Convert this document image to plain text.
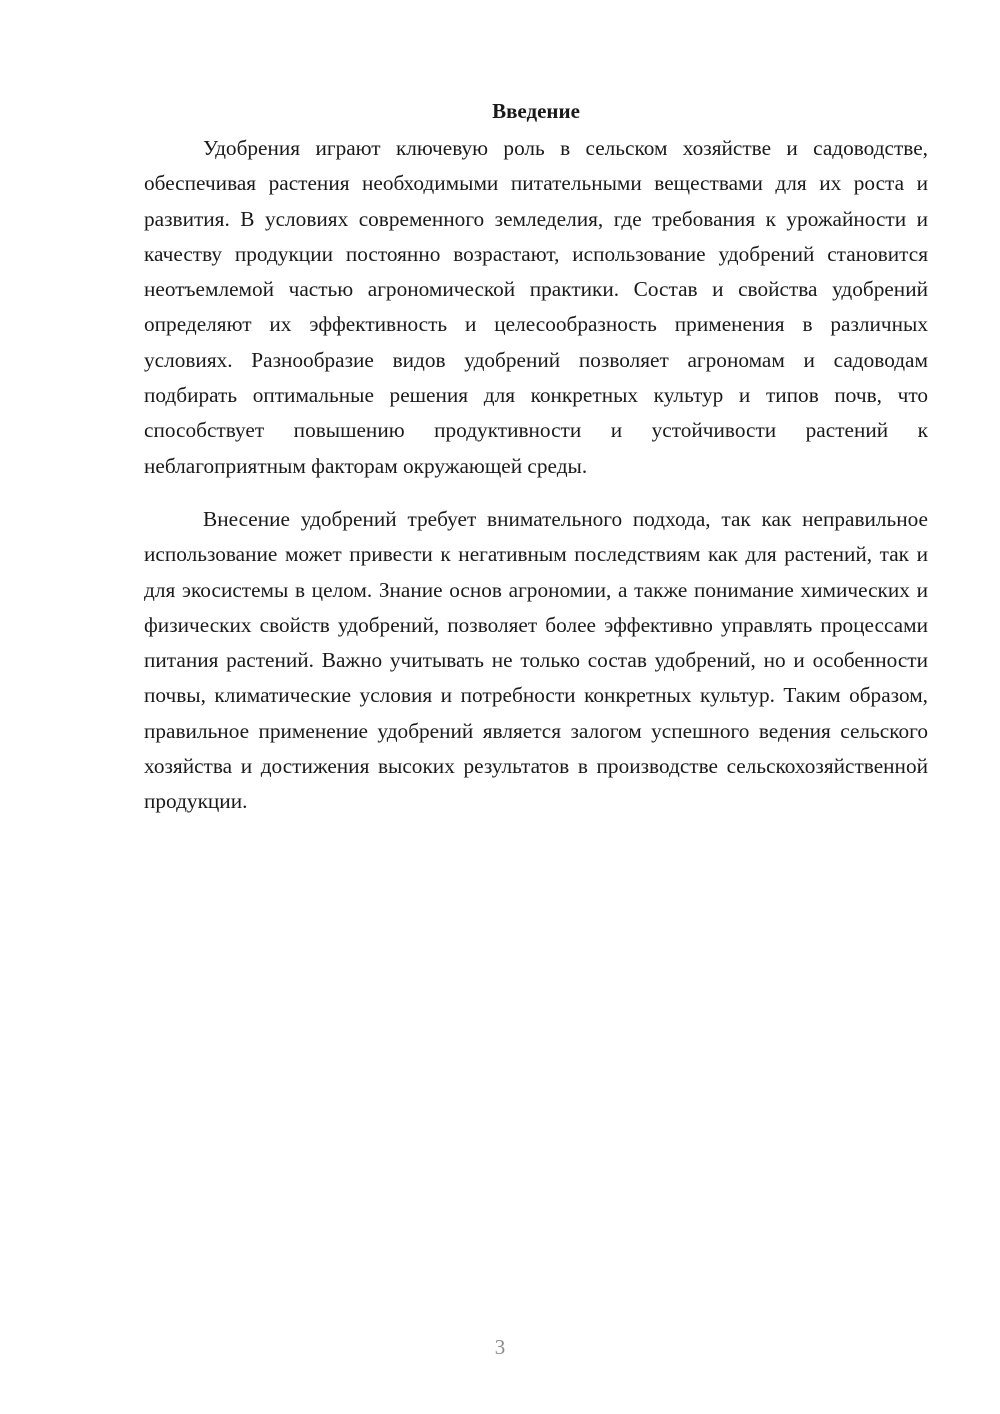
Введение

Удобрения играют ключевую роль в сельском хозяйстве и садоводстве, обеспечивая растения необходимыми питательными веществами для их роста и развития. В условиях современного земледелия, где требования к урожайности и качеству продукции постоянно возрастают, использование удобрений становится неотъемлемой частью агрономической практики. Состав и свойства удобрений определяют их эффективность и целесообразность применения в различных условиях. Разнообразие видов удобрений позволяет агрономам и садоводам подбирать оптимальные решения для конкретных культур и типов почв, что способствует повышению продуктивности и устойчивости растений к неблагоприятным факторам окружающей среды.

Внесение удобрений требует внимательного подхода, так как неправильное использование может привести к негативным последствиям как для растений, так и для экосистемы в целом. Знание основ агрономии, а также понимание химических и физических свойств удобрений, позволяет более эффективно управлять процессами питания растений. Важно учитывать не только состав удобрений, но и особенности почвы, климатические условия и потребности конкретных культур. Таким образом, правильное применение удобрений является залогом успешного ведения сельского хозяйства и достижения высоких результатов в производстве сельскохозяйственной продукции.

3
